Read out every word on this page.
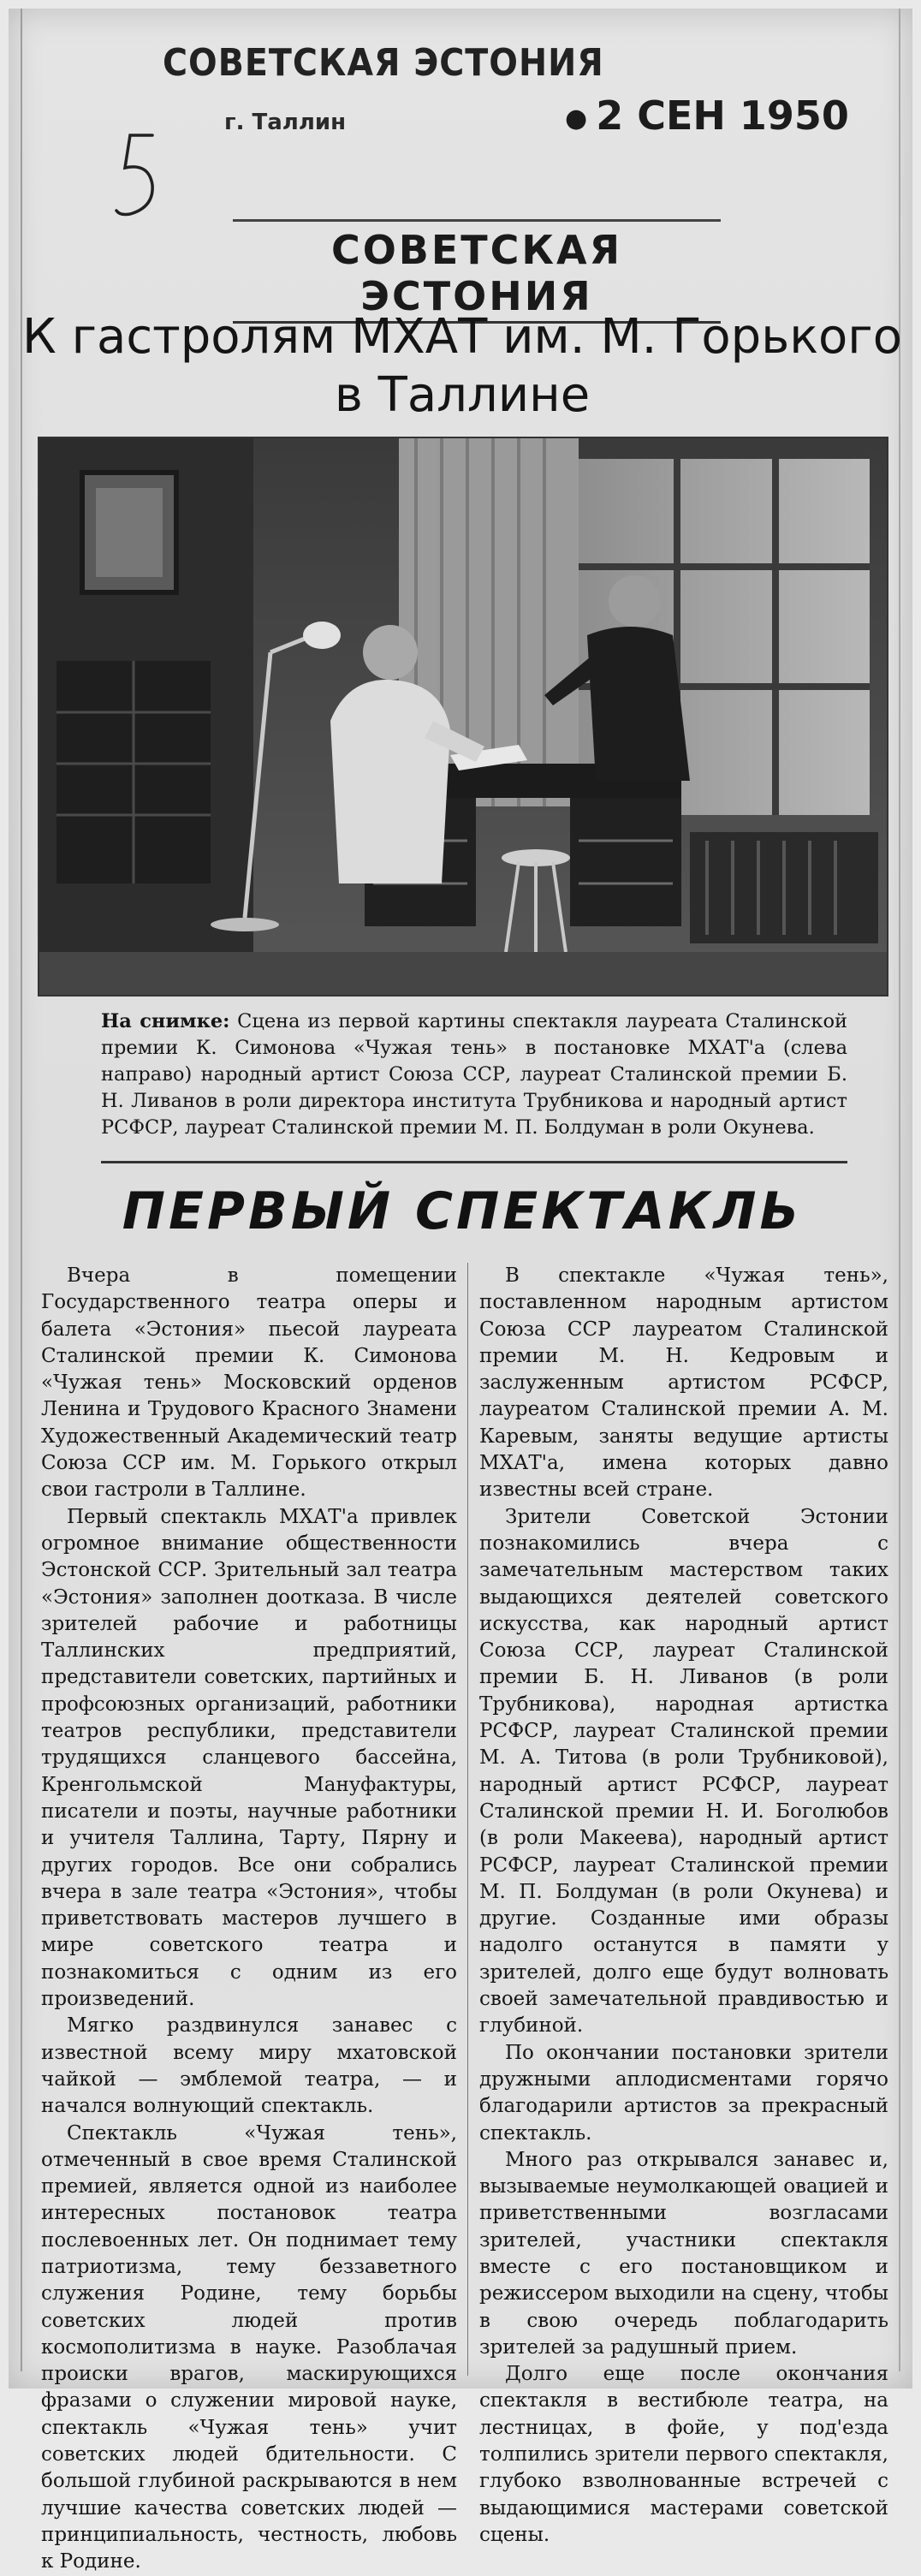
СОВЕТСКАЯ ЭСТОНИЯ
г. Таллин	● 2 СЕН 1950
СОВЕТСКАЯ ЭСТОНИЯ
К гастролям МХАТ им. М. Горького
в Таллине
На снимке: Сцена из первой картины спектакля лауреата Сталинской премии К. Симонова «Чужая тень» в постановке МХАТ'а (слева направо) народный артист Союза ССР, лауреат Сталинской премии Б. Н. Ливанов в роли директора института Трубникова и народный артист РСФСР, лауреат Сталинской премии М. П. Болдуман в роли Окунева.
ПЕРВЫЙ СПЕКТАКЛЬ

Вчера в помещении Государственного театра оперы и балета «Эстония» пьесой лауреата Сталинской премии К. Симонова «Чужая тень» Московский орденов Ленина и Трудового Красного Знамени Художественный Академический театр Союза ССР им. М. Горького открыл свои гастроли в Таллине.

Первый спектакль МХАТ'а привлек огромное внимание общественности Эстонской ССР. Зрительный зал театра «Эстония» заполнен доотказа. В числе зрителей рабочие и работницы Таллинских предприятий, представители советских, партийных и профсоюзных организаций, работники театров республики, представители трудящихся сланцевого бассейна, Кренгольмской Мануфактуры, писатели и поэты, научные работники и учителя Таллина, Тарту, Пярну и других городов. Все они собрались вчера в зале театра «Эстония», чтобы приветствовать мастеров лучшего в мире советского театра и познакомиться с одним из его произведений.

Мягко раздвинулся занавес с известной всему миру мхатовской чайкой — эмблемой театра, — и начался волнующий спектакль.

Спектакль «Чужая тень», отмеченный в свое время Сталинской премией, является одной из наиболее интересных постановок театра послевоенных лет. Он поднимает тему патриотизма, тему беззаветного служения Родине, тему борьбы советских людей против космополитизма в науке. Разоблачая происки врагов, маскирующихся фразами о служении мировой науке, спектакль «Чужая тень» учит советских людей бдительности. С большой глубиной раскрываются в нем лучшие качества советских людей — принципиальность, честность, любовь к Родине.

В спектакле «Чужая тень», поставленном народным артистом Союза ССР лауреатом Сталинской премии М. Н. Кедровым и заслуженным артистом РСФСР, лауреатом Сталинской премии А. М. Каревым, заняты ведущие артисты МХАТ'а, имена которых давно известны всей стране.

Зрители Советской Эстонии познакомились вчера с замечательным мастерством таких выдающихся деятелей советского искусства, как народный артист Союза ССР, лауреат Сталинской премии Б. Н. Ливанов (в роли Трубникова), народная артистка РСФСР, лауреат Сталинской премии М. А. Титова (в роли Трубниковой), народный артист РСФСР, лауреат Сталинской премии Н. И. Боголюбов (в роли Макеева), народный артист РСФСР, лауреат Сталинской премии М. П. Болдуман (в роли Окунева) и другие. Созданные ими образы надолго останутся в памяти у зрителей, долго еще будут волновать своей замечательной правдивостью и глубиной.

По окончании постановки зрители дружными аплодисментами горячо благодарили артистов за прекрасный спектакль.

Много раз открывался занавес и, вызываемые неумолкающей овацией и приветственными возгласами зрителей, участники спектакля вместе с его постановщиком и режиссером выходили на сцену, чтобы в свою очередь поблагодарить зрителей за радушный прием.

Долго еще после окончания спектакля в вестибюле театра, на лестницах, в фойе, у под'езда толпились зрители первого спектакля, глубоко взволнованные встречей с выдающимися мастерами советской сцены.
